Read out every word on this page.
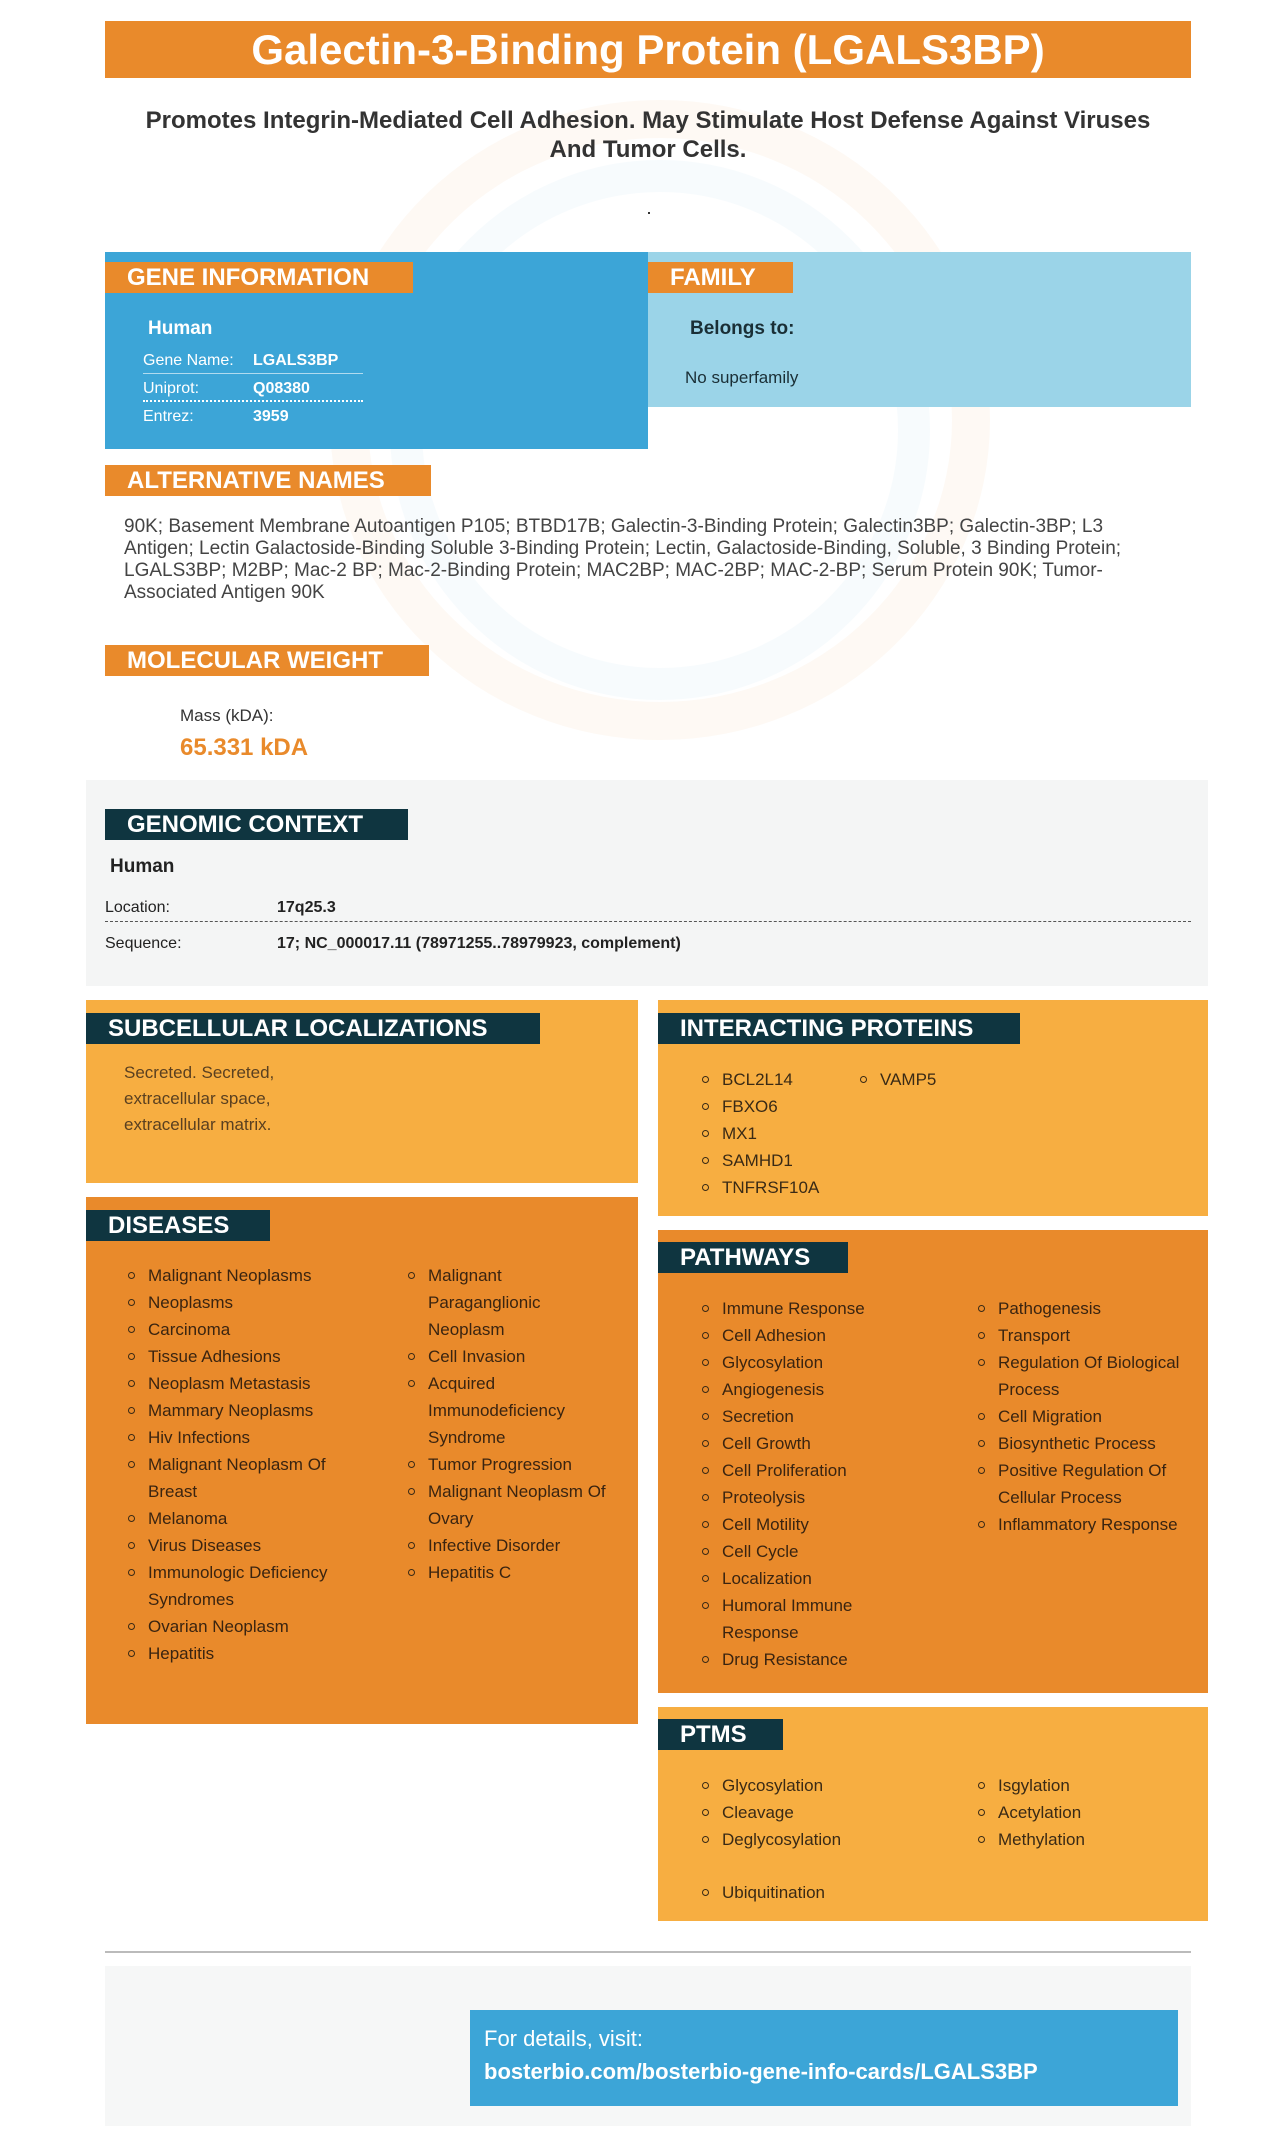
Galectin-3-Binding Protein (LGALS3BP)
Promotes Integrin-Mediated Cell Adhesion. May Stimulate Host Defense Against Viruses And Tumor Cells.
GENE INFORMATION
Human
Gene Name: LGALS3BP
Uniprot:	Q08380
Entrez:	3959
FAMILY
Belongs to:
No superfamily
ALTERNATIVE NAMES
90K; Basement Membrane Autoantigen P105; BTBD17B; Galectin-3-Binding Protein; Galectin3BP; Galectin-3BP; L3 Antigen; Lectin Galactoside-Binding Soluble 3-Binding Protein; Lectin, Galactoside-Binding, Soluble, 3 Binding Protein; LGALS3BP; M2BP; Mac-2 BP; Mac-2-Binding Protein; MAC2BP; MAC-2BP; MAC-2-BP; Serum Protein 90K; Tumor-Associated Antigen 90K
MOLECULAR WEIGHT
Mass (kDA):
65.331 kDA
GENOMIC CONTEXT
Human
Location:	17q25.3
Sequence:	17; NC_000017.11 (78971255..78979923, complement)
SUBCELLULAR LOCALIZATIONS
Secreted. Secreted, extracellular space, extracellular matrix.
DISEASES
Malignant Neoplasms
Neoplasms
Carcinoma
Tissue Adhesions
Neoplasm Metastasis
Mammary Neoplasms
Hiv Infections
Malignant Neoplasm Of Breast
Melanoma
Virus Diseases
Immunologic Deficiency Syndromes
Ovarian Neoplasm
Hepatitis
Malignant Paraganglionic Neoplasm
Cell Invasion
Acquired Immunodeficiency Syndrome
Tumor Progression
Malignant Neoplasm Of Ovary
Infective Disorder
Hepatitis C
INTERACTING PROTEINS
BCL2L14
FBXO6
MX1
SAMHD1
TNFRSF10A
VAMP5
PATHWAYS
Immune Response
Cell Adhesion
Glycosylation
Angiogenesis
Secretion
Cell Growth
Cell Proliferation
Proteolysis
Cell Motility
Cell Cycle
Localization
Humoral Immune Response
Drug Resistance
Pathogenesis
Transport
Regulation Of Biological Process
Cell Migration
Biosynthetic Process
Positive Regulation Of Cellular Process
Inflammatory Response
PTMS
Glycosylation
Cleavage
Deglycosylation
Isgylation
Acetylation
Methylation
Ubiquitination
For details, visit:
bosterbio.com/bosterbio-gene-info-cards/LGALS3BP
